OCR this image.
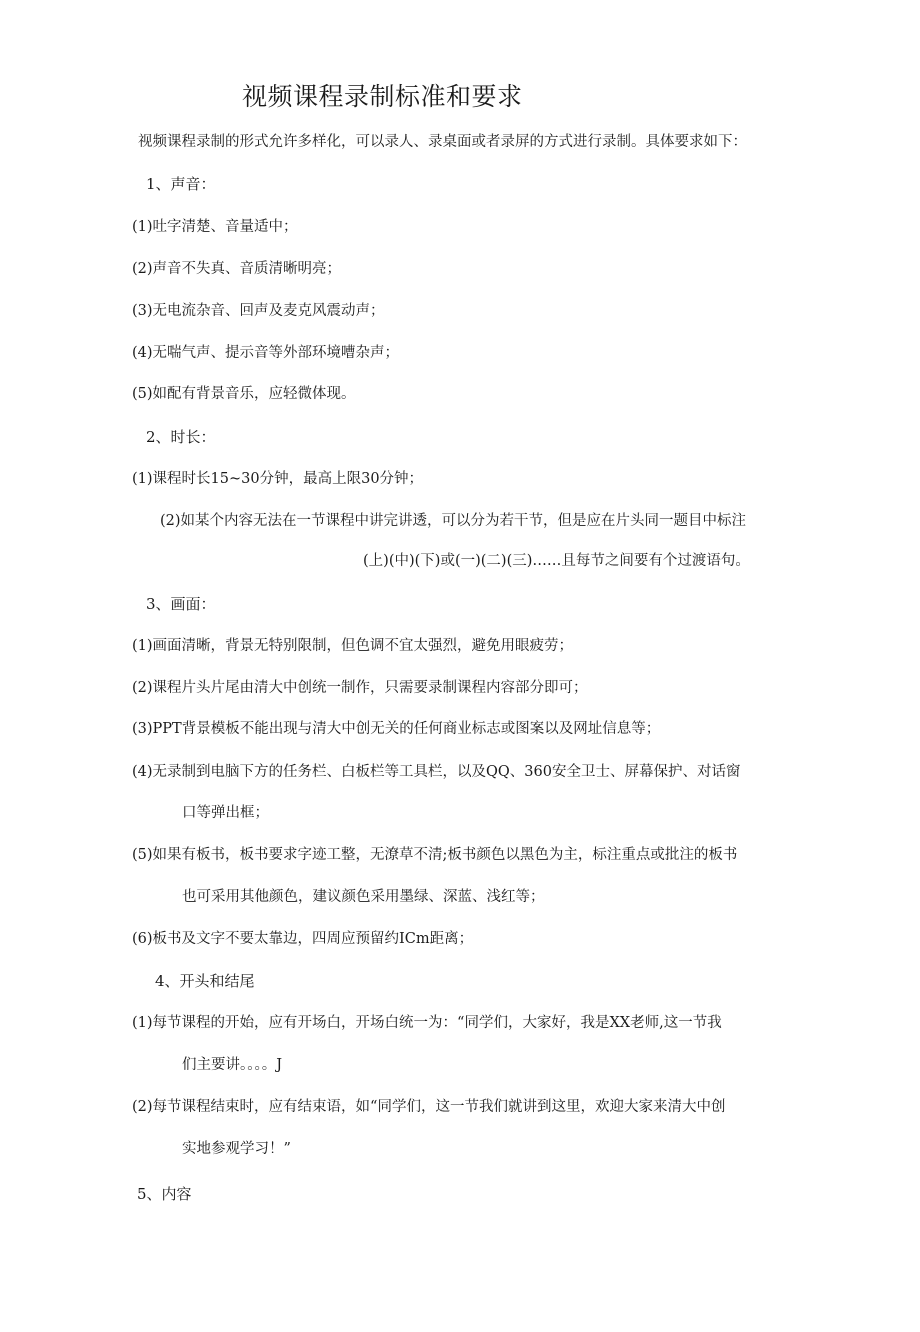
视频课程录制标准和要求
视频课程录制的形式允许多样化，可以录人、录桌面或者录屏的方式进行录制。具体要求如下：
1、声音：
(1)吐字清楚、音量适中；
(2)声音不失真、音质清晰明亮；
(3)无电流杂音、回声及麦克风震动声；
(4)无喘气声、提示音等外部环境嘈杂声；
(5)如配有背景音乐，应轻微体现。
2、时长：
(1)课程时长15~30分钟，最高上限30分钟；
(2)如某个内容无法在一节课程中讲完讲透，可以分为若干节，但是应在片头同一题目中标注
(上)(中)(下)或(一)(二)(三)……且每节之间要有个过渡语句。
3、画面：
(1)画面清晰，背景无特别限制，但色调不宜太强烈，避免用眼疲劳；
(2)课程片头片尾由清大中创统一制作，只需要录制课程内容部分即可；
(3)PPT背景模板不能出现与清大中创无关的任何商业标志或图案以及网址信息等；
(4)无录制到电脑下方的任务栏、白板栏等工具栏，以及QQ、360安全卫士、屏幕保护、对话窗
口等弹出框；
(5)如果有板书，板书要求字迹工整，无潦草不清;板书颜色以黑色为主，标注重点或批注的板书
也可采用其他颜色，建议颜色采用墨绿、深蓝、浅红等；
(6)板书及文字不要太靠边，四周应预留约ICm距离；
4、开头和结尾
(1)每节课程的开始，应有开场白，开场白统一为：“同学们，大家好，我是XX老师,这一节我
们主要讲。。。。J
(2)每节课程结束时，应有结束语，如“同学们，这一节我们就讲到这里，欢迎大家来清大中创
实地参观学习！”
5、内容
